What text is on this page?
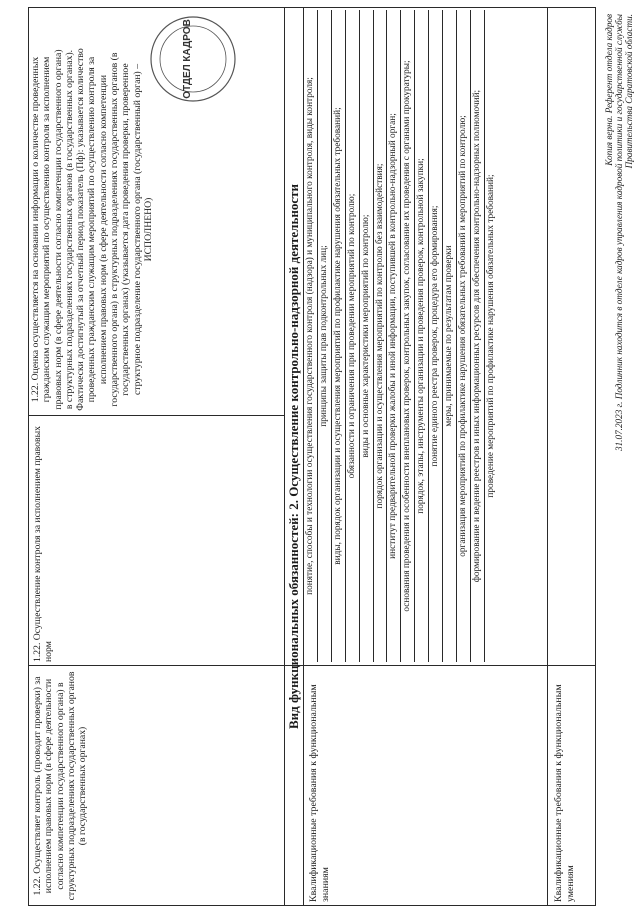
Копия верна. Референт отдела кадров 31.07.2023 г. Подлинник находится в отделе кадров управления кадровой политики и государственной службы Правительства Саратовской области.
1.22. Осуществляет контроль (проводит проверки) за исполнением правовых норм (в сфере деятельности согласно компетенции государственного органа) в структурных подразделениях государственных органов (в государственных органах)
1.22. Осуществление контроля за исполнением правовых норм

1.22. Оценка осуществляется на основании информации о количестве проведенных гражданским служащим мероприятий по осуществлению контроля за исполнением правовых норм (в сфере деятельности согласно компетенции государственного органа) в структурных подразделениях государственных органов (в государственных органах). Фактически достигнутый за отчетный период показатель (Пф): указывается количество проведенных гражданским служащим мероприятий по осуществлению контроля за исполнением правовых норм (в сфере деятельности согласно компетенции государственного органа) в структурных подразделениях государственных органов (в государственных органах) (указывается дата проведения проверки, проверенное структурное подразделение государственного органа (государственный орган) – ИСПОЛНЕНО)	Вид функциональных обязанностей: 2. Осуществление контрольно-надзорной деятельности
Квалификационные требования к функциональным знаниям	Квалификационные требования к функциональным умениям
понятие, способы и технологии осуществления государственного контроля (надзора) и муниципального контроля, виды контроля; принципы защиты прав подконтрольных лиц; виды, порядок организации и осуществления мероприятий по профилактике нарушения обязательных требований; обязанности и ограничения при проведении мероприятий по контролю; виды и основные характеристики мероприятий по контролю; порядок организации и осуществления мероприятий по контролю без взаимодействия; институт предварительной проверки жалобы и иной информации, поступившей в контрольно-надзорный орган; основания проведения и особенности внеплановых проверок, контрольных закупок, согласование их проведения с органами прокуратуры; порядок, этапы, инструменты организации и проведения проверок, контрольной закупки; понятие единого реестра проверок, процедура его формирования; меры, принимаемые по результатам проверки организация мероприятий по профилактике нарушения обязательных требований и мероприятий по контролю; формирование и ведение реестров и иных информационных ресурсов для обеспечения контрольно-надзорных полномочий; проведение мероприятий по профилактике нарушения обязательных требований;
ОТДЕЛ КАДРОВ
